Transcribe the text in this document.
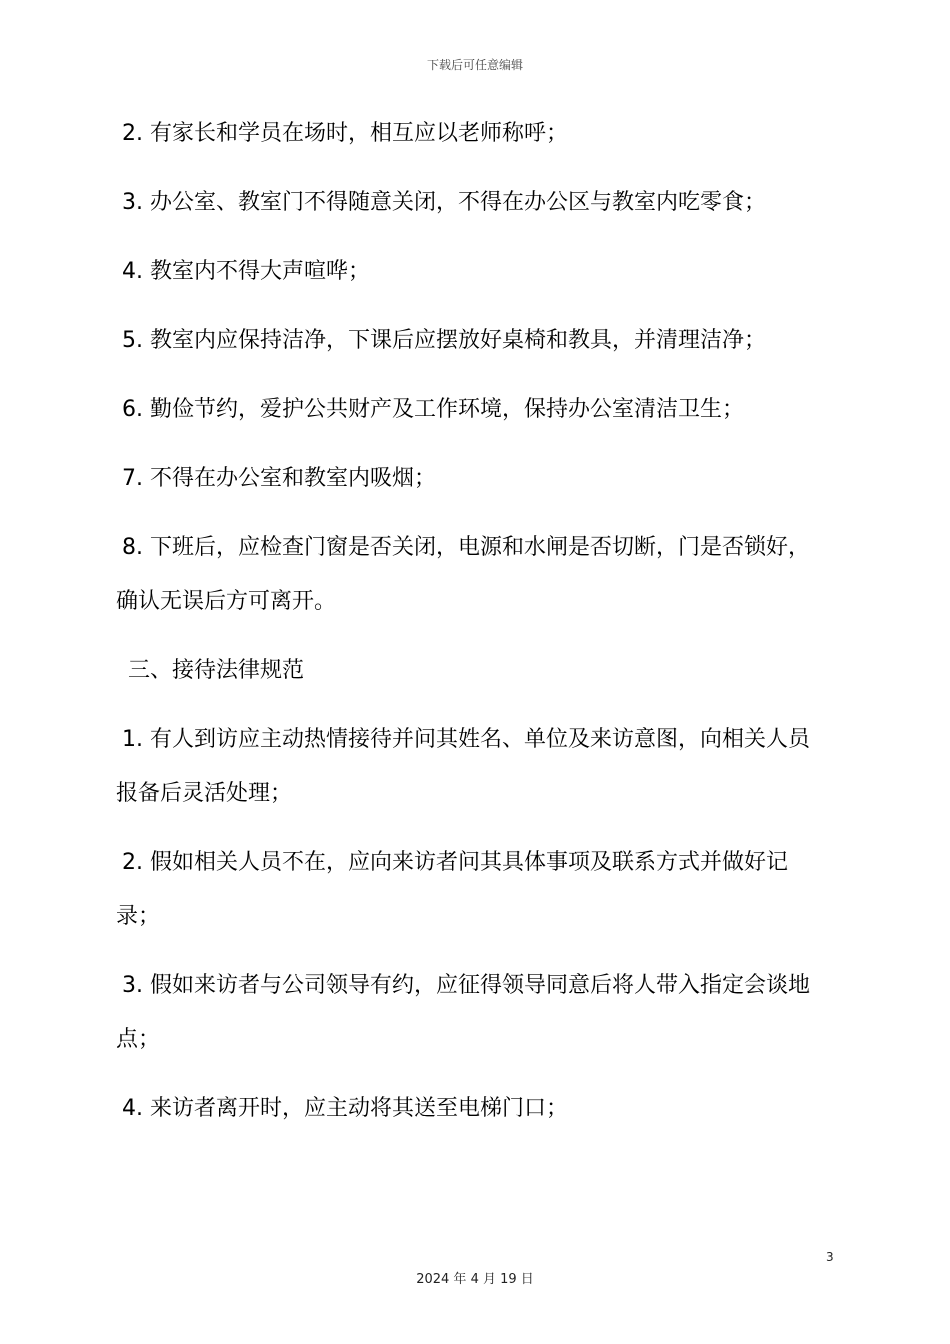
下载后可任意编辑

2. 有家长和学员在场时，相互应以老师称呼；

3. 办公室、教室门不得随意关闭，不得在办公区与教室内吃零食；

4. 教室内不得大声喧哗；

5. 教室内应保持洁净，下课后应摆放好桌椅和教具，并清理洁净；

6. 勤俭节约，爱护公共财产及工作环境，保持办公室清洁卫生；

7. 不得在办公室和教室内吸烟；

8. 下班后，应检查门窗是否关闭，电源和水闸是否切断，门是否锁好，确认无误后方可离开。

三、接待法律规范

1. 有人到访应主动热情接待并问其姓名、单位及来访意图，向相关人员报备后灵活处理；

2. 假如相关人员不在，应向来访者问其具体事项及联系方式并做好记录；

3. 假如来访者与公司领导有约，应征得领导同意后将人带入指定会谈地点；

4. 来访者离开时，应主动将其送至电梯门口；

3
2024 年 4 月 19 日
